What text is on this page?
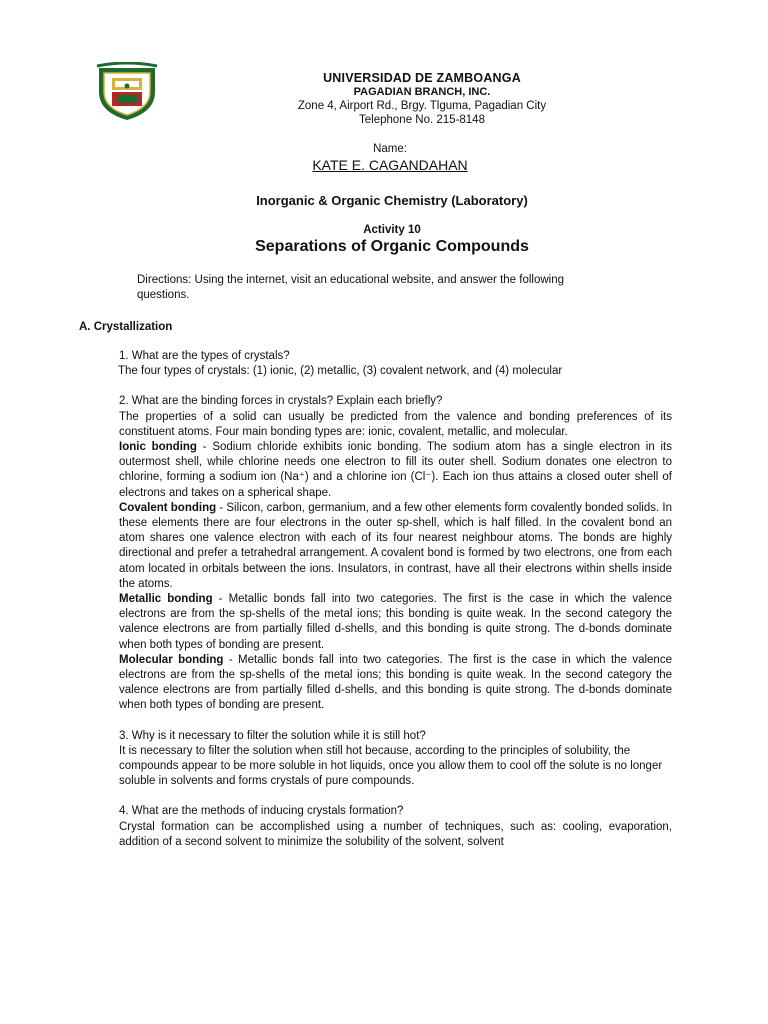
UNIVERSIDAD DE ZAMBOANGA
PAGADIAN BRANCH, INC.
Zone 4, Airport Rd., Brgy. Tlguma, Pagadian City
Telephone No. 215-8148
Name:
KATE E. CAGANDAHAN
Inorganic & Organic Chemistry (Laboratory)
Activity 10
Separations of Organic Compounds
Directions: Using the internet, visit an educational website, and answer the following questions.
A. Crystallization

1. What are the types of crystals?

The four types of crystals: (1) ionic, (2) metallic, (3) covalent network, and (4) molecular

2. What are the binding forces in crystals? Explain each briefly?

The properties of a solid can usually be predicted from the valence and bonding preferences of its constituent atoms. Four main bonding types are: ionic, covalent, metallic, and molecular.

Ionic bonding - Sodium chloride exhibits ionic bonding. The sodium atom has a single electron in its outermost shell, while chlorine needs one electron to fill its outer shell. Sodium donates one electron to chlorine, forming a sodium ion (Na⁺) and a chlorine ion (Cl⁻). Each ion thus attains a closed outer shell of electrons and takes on a spherical shape.

Covalent bonding - Silicon, carbon, germanium, and a few other elements form covalently bonded solids. In these elements there are four electrons in the outer sp-shell, which is half filled. In the covalent bond an atom shares one valence electron with each of its four nearest neighbour atoms. The bonds are highly directional and prefer a tetrahedral arrangement. A covalent bond is formed by two electrons, one from each atom located in orbitals between the ions. Insulators, in contrast, have all their electrons within shells inside the atoms.

Metallic bonding - Metallic bonds fall into two categories. The first is the case in which the valence electrons are from the sp-shells of the metal ions; this bonding is quite weak. In the second category the valence electrons are from partially filled d-shells, and this bonding is quite strong. The d-bonds dominate when both types of bonding are present.

Molecular bonding - Metallic bonds fall into two categories. The first is the case in which the valence electrons are from the sp-shells of the metal ions; this bonding is quite weak. In the second category the valence electrons are from partially filled d-shells, and this bonding is quite strong. The d-bonds dominate when both types of bonding are present.

3. Why is it necessary to filter the solution while it is still hot?

It is necessary to filter the solution when still hot because, according to the principles of solubility, the compounds appear to be more soluble in hot liquids, once you allow them to cool off the solute is no longer soluble in solvents and forms crystals of pure compounds.

4. What are the methods of inducing crystals formation?

Crystal formation can be accomplished using a number of techniques, such as: cooling, evaporation, addition of a second solvent to minimize the solubility of the solvent, solvent
